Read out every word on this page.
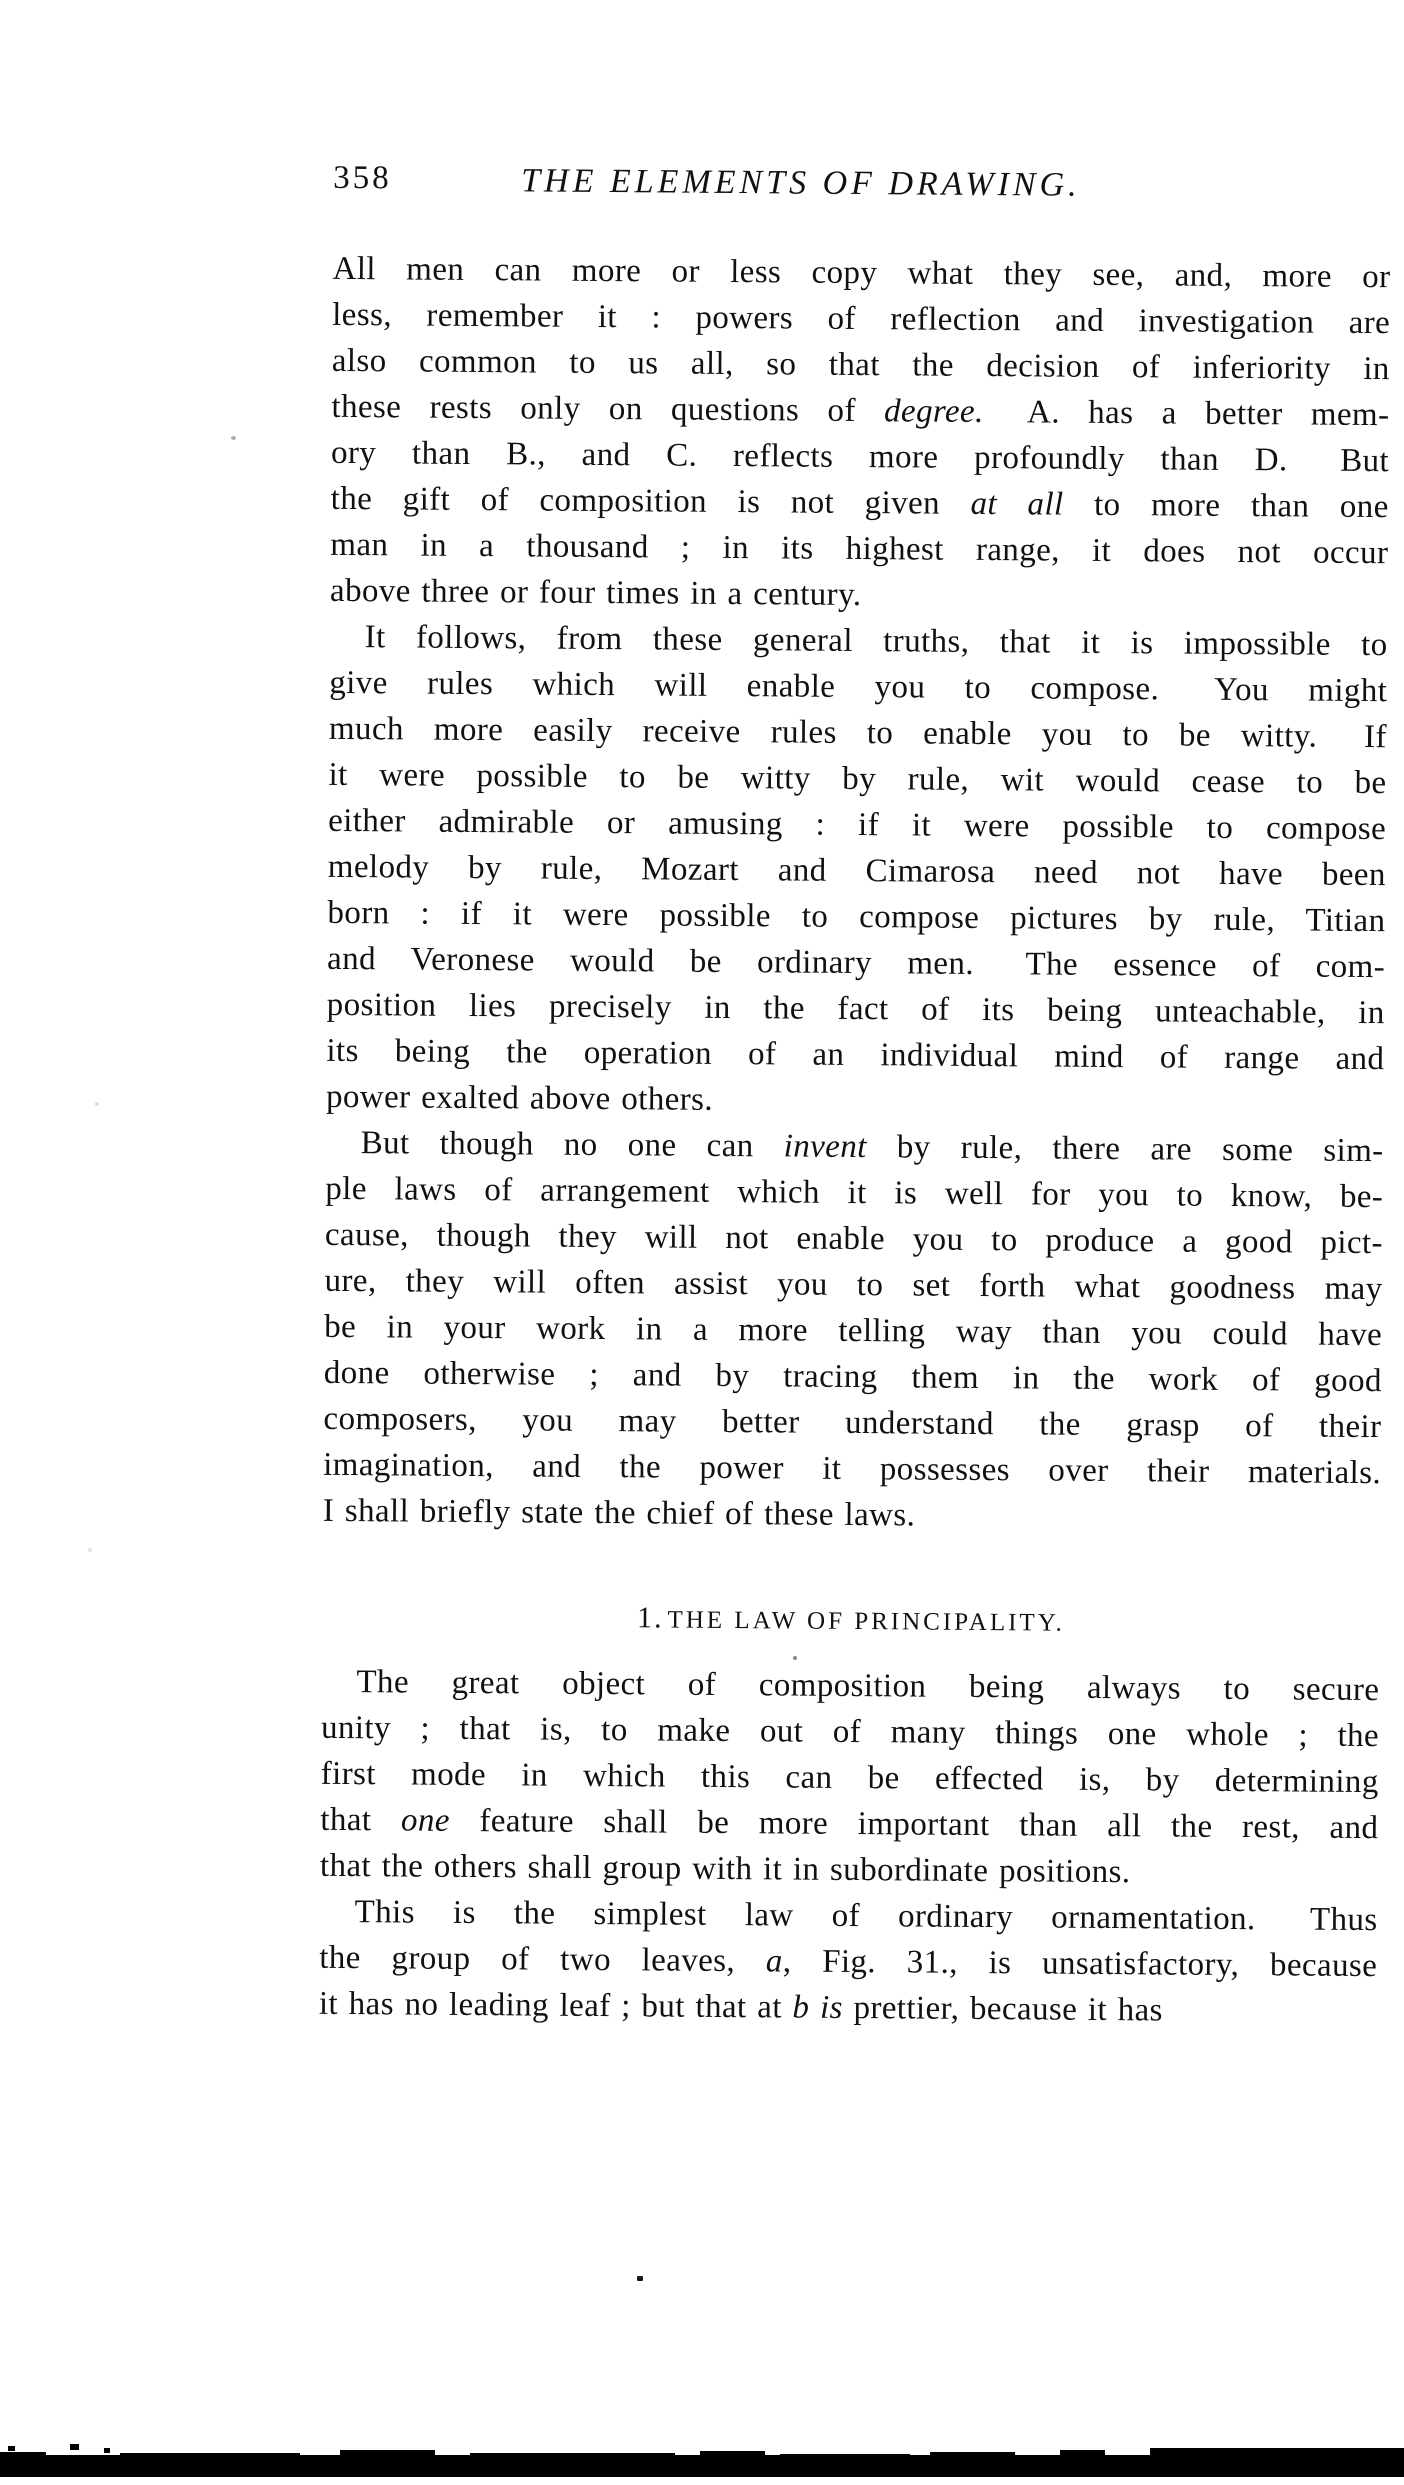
358	THE ELEMENTS OF DRAWING.
All men can more or less copy what they see, and, more or
less, remember it : powers of reflection and investigation are
also common to us all, so that the decision of inferiority in
these rests only on questions of degree.  A. has a better mem-
ory than B., and C. reflects more profoundly than D.  But
the gift of composition is not given at all to more than one
man in a thousand ; in its highest range, it does not occur
above three or four times in a century.
It follows, from these general truths, that it is impossible to
give rules which will enable you to compose.  You might
much more easily receive rules to enable you to be witty.  If
it were possible to be witty by rule, wit would cease to be
either admirable or amusing : if it were possible to compose
melody by rule, Mozart and Cimarosa need not have been
born : if it were possible to compose pictures by rule, Titian
and Veronese would be ordinary men.  The essence of com-
position lies precisely in the fact of its being unteachable, in
its being the operation of an individual mind of range and
power exalted above others.
But though no one can invent by rule, there are some sim-
ple laws of arrangement which it is well for you to know, be-
cause, though they will not enable you to produce a good pict-
ure, they will often assist you to set forth what goodness may
be in your work in a more telling way than you could have
done otherwise ; and by tracing them in the work of good
composers, you may better understand the grasp of their
imagination, and the power it possesses over their materials.
I shall briefly state the chief of these laws.
1. THE LAW OF PRINCIPALITY.
The great object of composition being always to secure
unity ; that is, to make out of many things one whole ; the
first mode in which this can be effected is, by determining
that one feature shall be more important than all the rest, and
that the others shall group with it in subordinate positions.
This is the simplest law of ordinary ornamentation.  Thus
the group of two leaves, a, Fig. 31., is unsatisfactory, because
it has no leading leaf ; but that at b is prettier, because it has
